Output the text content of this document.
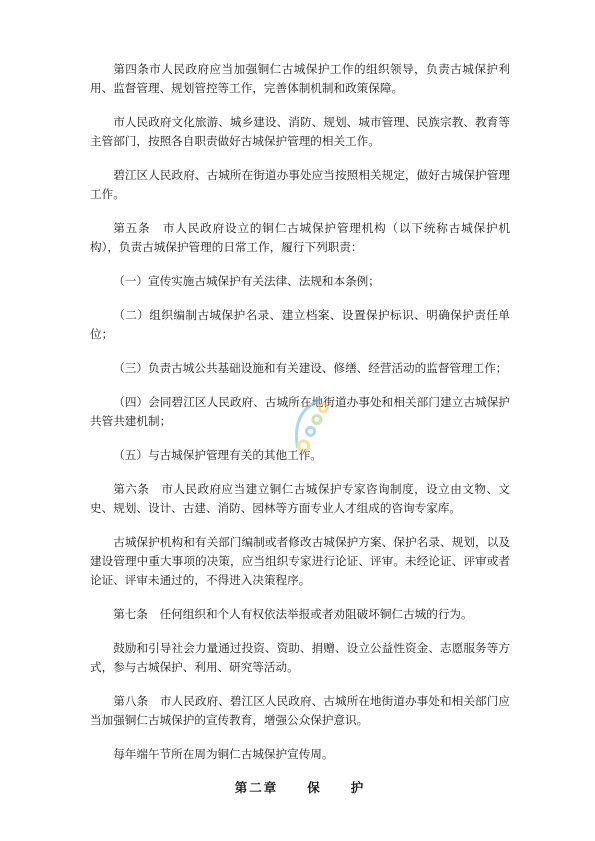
第四条市人民政府应当加强铜仁古城保护工作的组织领导，负责古城保护利用、监督管理、规划管控等工作，完善体制机制和政策保障。

市人民政府文化旅游、城乡建设、消防、规划、城市管理、民族宗教、教育等主管部门，按照各自职责做好古城保护管理的相关工作。

碧江区人民政府、古城所在街道办事处应当按照相关规定，做好古城保护管理工作。

第五条　市人民政府设立的铜仁古城保护管理机构（以下统称古城保护机构），负责古城保护管理的日常工作，履行下列职责：

（一）宣传实施古城保护有关法律、法规和本条例；

（二）组织编制古城保护名录、建立档案、设置保护标识、明确保护责任单位；

（三）负责古城公共基础设施和有关建设、修缮、经营活动的监督管理工作；

（四）会同碧江区人民政府、古城所在地街道办事处和相关部门建立古城保护共管共建机制；

（五）与古城保护管理有关的其他工作。

第六条　市人民政府应当建立铜仁古城保护专家咨询制度，设立由文物、文史、规划、设计、古建、消防、园林等方面专业人才组成的咨询专家库。

古城保护机构和有关部门编制或者修改古城保护方案、保护名录、规划，以及建设管理中重大事项的决策，应当组织专家进行论证、评审。未经论证、评审或者论证、评审未通过的，不得进入决策程序。

第七条　任何组织和个人有权依法举报或者劝阻破坏铜仁古城的行为。

鼓励和引导社会力量通过投资、资助、捐赠、设立公益性资金、志愿服务等方式，参与古城保护、利用、研究等活动。

第八条　市人民政府、碧江区人民政府、古城所在地街道办事处和相关部门应当加强铜仁古城保护的宣传教育，增强公众保护意识。

每年端午节所在周为铜仁古城保护宣传周。

第二章　　保　　护
